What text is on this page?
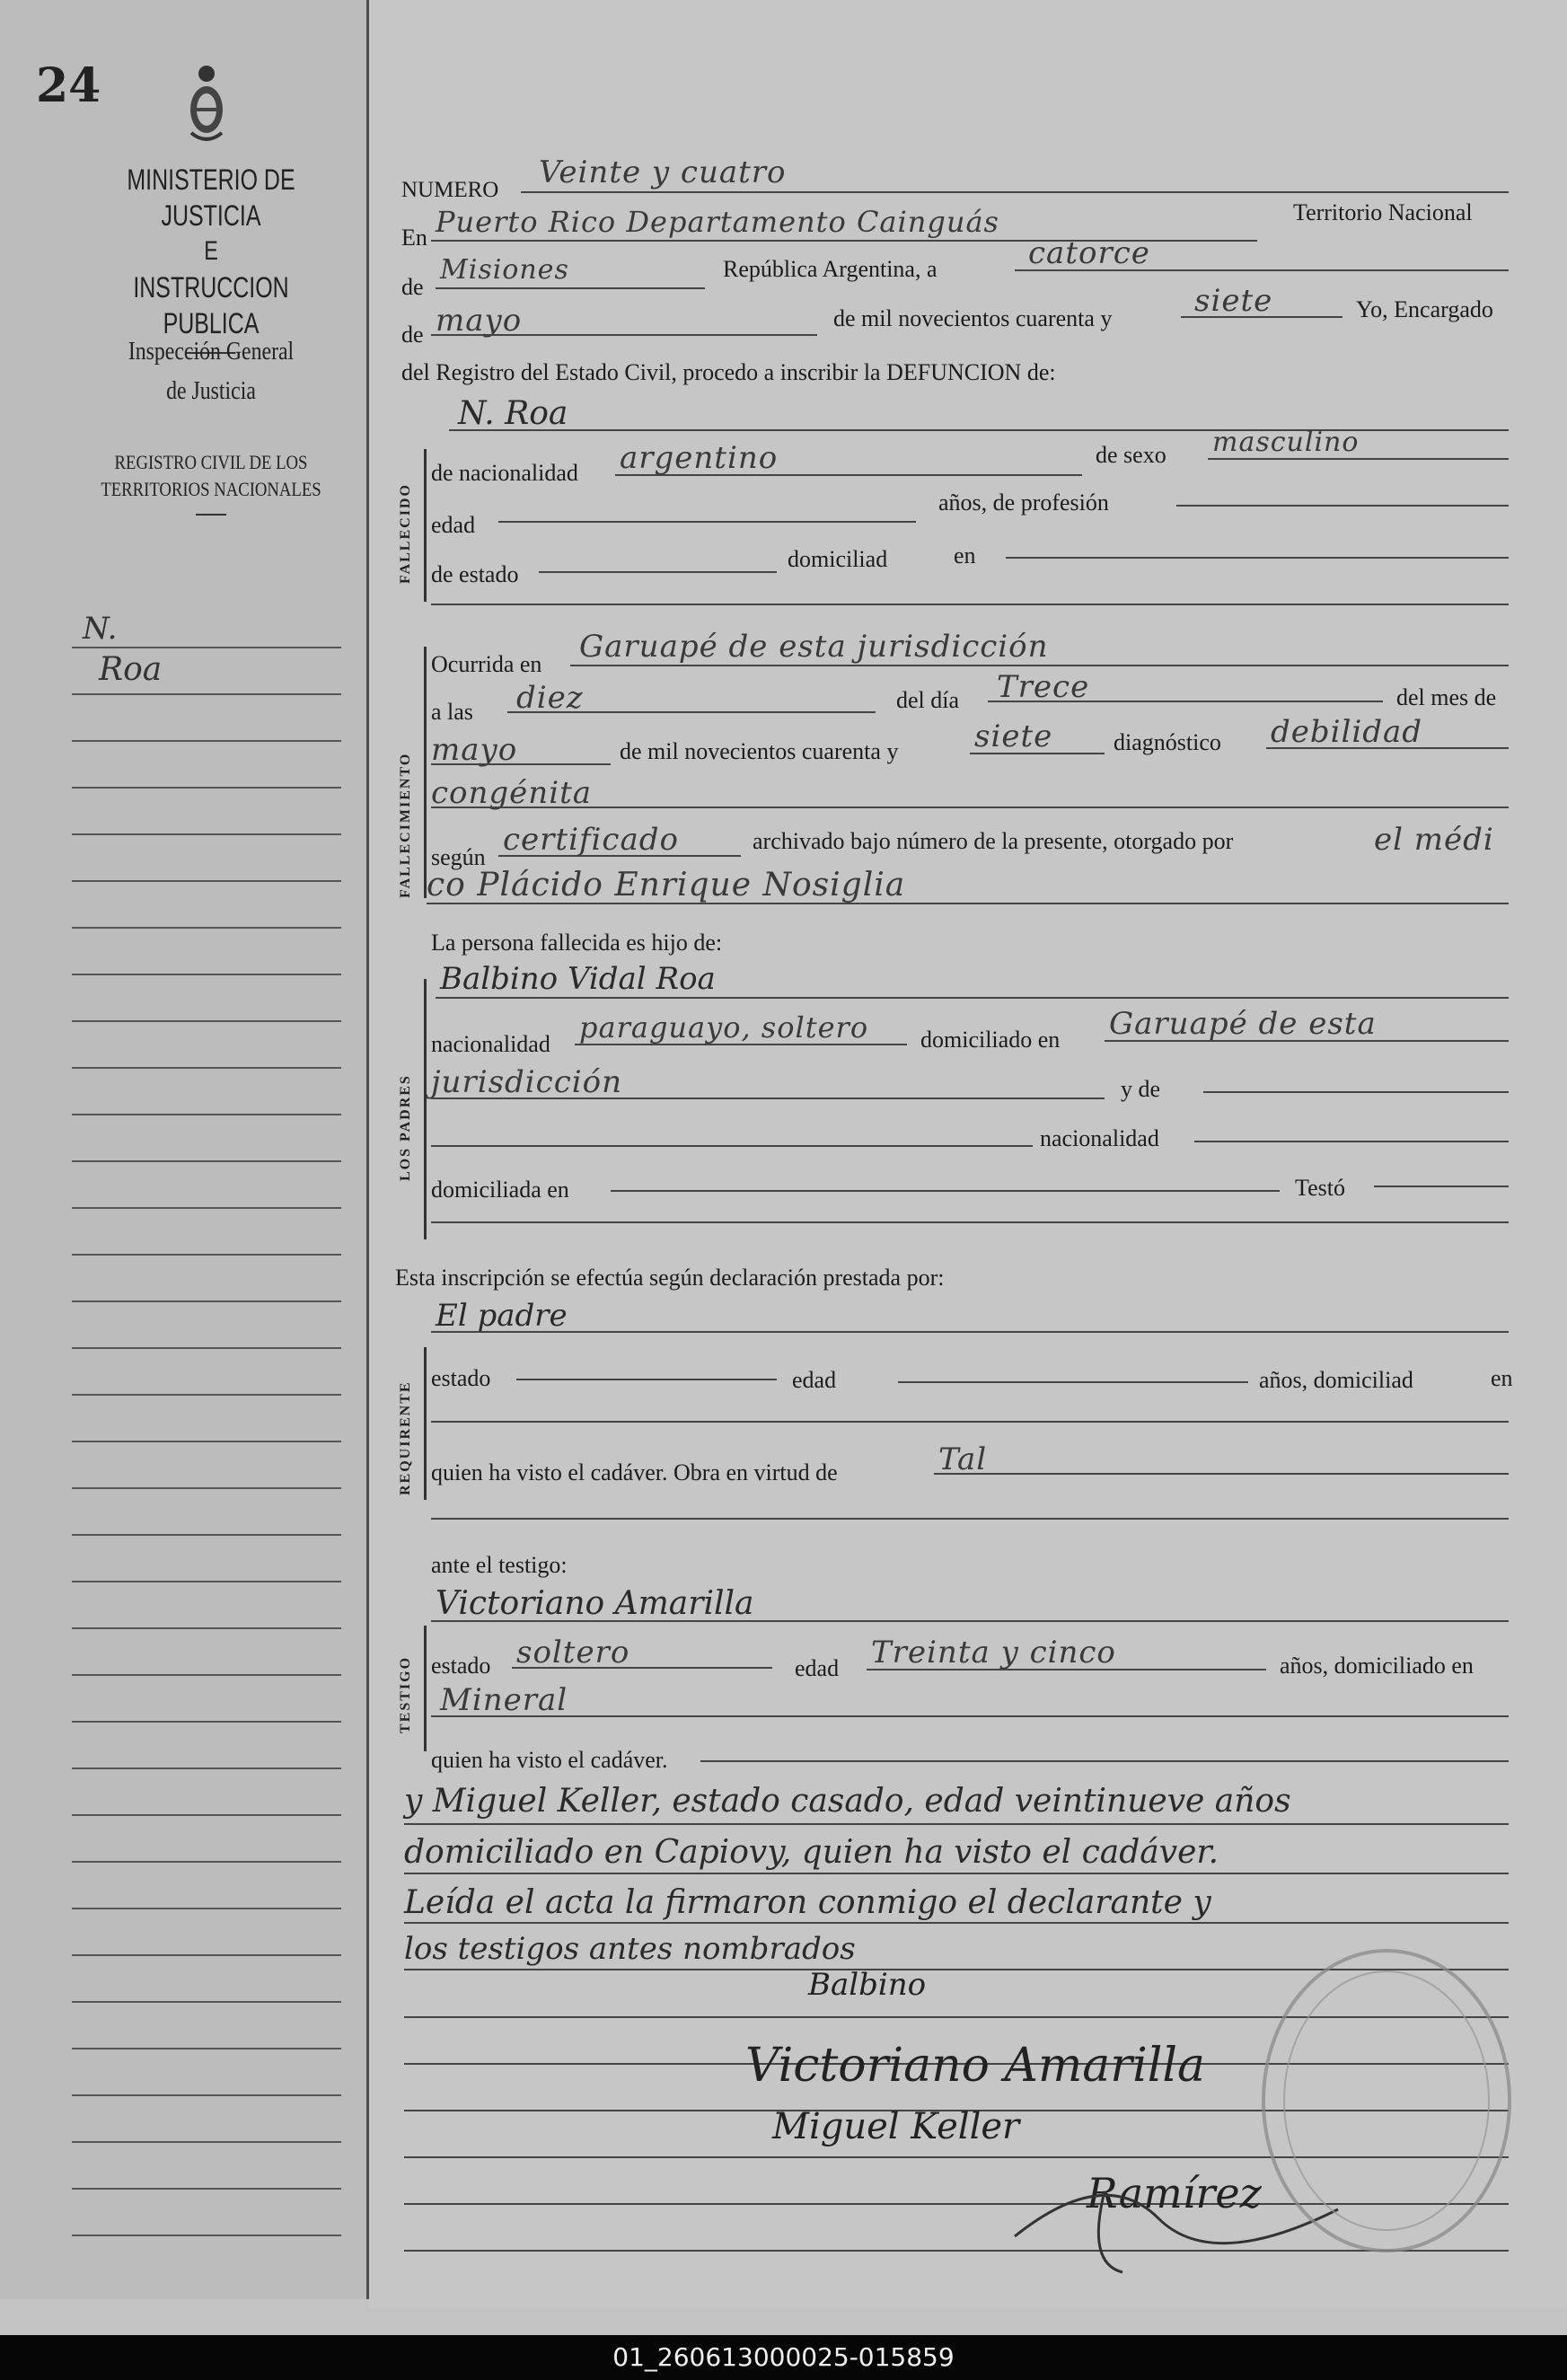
24
MINISTERIO DE JUSTICIA
E
INSTRUCCION PUBLICA
Inspección General
de Justicia
REGISTRO CIVIL DE LOS
TERRITORIOS NACIONALES
N.
Roa
NUMERO Veinte y cuatro
En Puerto Rico Departamento Cainguás	Territorio Nacional
de
Misiones	República Argentina, a	catorce
de mayo	de mil novecientos cuarenta y	siete	Yo, Encargado
del Registro del Estado Civil, procedo a inscribir la DEFUNCION de:
FALLECIDO
N. Roa
de nacionalidad argentino	de sexo masculino
edad
años, de profesión
de estado
domiciliad	en
FALLECIMIENTO
Ocurrida en Garuapé de esta jurisdicción
a las diez	del día Trece	del mes de
de mil novecientos cuarenta y
mayo	siete	diagnóstico debilidad
congénita
según certificado	archivado bajo número de la presente, otorgado por	el médi
co Plácido Enrique Nosiglia
LOS PADRES
La persona fallecida es hijo de:
Balbino Vidal Roa
nacionalidad paraguayo, soltero domiciliado en Garuapé de esta
jurisdicción	y de
nacionalidad
domiciliada en	Testó
Esta inscripción se efectúa según declaración prestada por:
REQUIRENTE
El padre
estado	edad	años, domiciliad	en
quien ha visto el cadáver. Obra en virtud de	Tal
ante el testigo:
TESTIGO
Victoriano Amarilla
estado soltero	edad Treinta y cinco	años, domiciliado en
Mineral
quien ha visto el cadáver.
y Miguel Keller, estado casado, edad veintinueve años
domiciliado en Capiovy, quien ha visto el cadáver.
Leída el acta la firmaron conmigo el declarante y
los testigos antes nombrados
Balbino
Victoriano Amarilla
Miguel Keller
Ramírez
01_260613000025-015859
